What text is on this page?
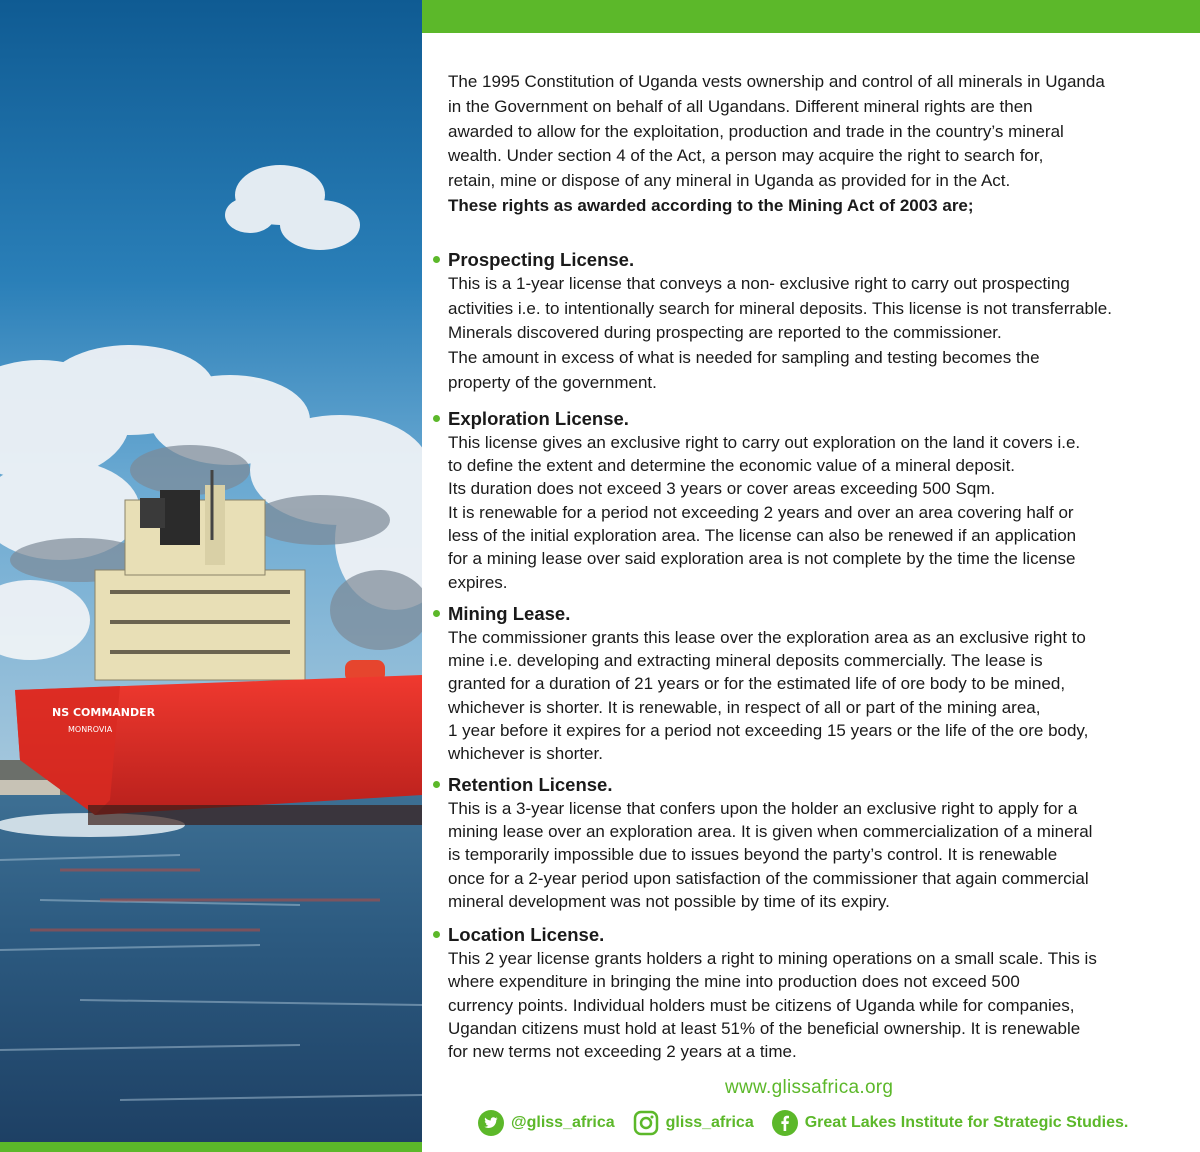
NS COMMANDER
MONROVIA

The 1995 Constitution of Uganda vests ownership and control of all minerals in Uganda

in the Government on behalf of all Ugandans. Different mineral rights are then

awarded to allow for the exploitation, production and trade in the country’s mineral

wealth. Under section 4 of the Act, a person may acquire the right to search for,

retain, mine or dispose of any mineral in Uganda as provided for in the Act.

These rights as awarded according to the Mining Act of 2003 are;

Prospecting License.
This is a 1-year license that conveys a non- exclusive right to carry out prospecting
activities i.e. to intentionally search for mineral deposits. This license is not transferrable.
Minerals discovered during prospecting are reported to the commissioner.
The amount in excess of what is needed for sampling and testing becomes the
property of the government.
Exploration License.
This license gives an exclusive right to carry out exploration on the land it covers i.e.
to define the extent and determine the economic value of a mineral deposit.
Its duration does not exceed 3 years or cover areas exceeding 500 Sqm.
It is renewable for a period not exceeding 2 years and over an area covering half or
less of the initial exploration area. The license can also be renewed if an application
for a mining lease over said exploration area is not complete by the time the license
expires.
Mining Lease.
The commissioner grants this lease over the exploration area as an exclusive right to
mine i.e. developing and extracting mineral deposits commercially. The lease is
granted for a duration of 21 years or for the estimated life of ore body to be mined,
whichever is shorter. It is renewable, in respect of all or part of the mining area,
1 year before it expires for a period not exceeding 15 years or the life of the ore body,
whichever is shorter.
Retention License.
This is a 3-year license that confers upon the holder an exclusive right to apply for a
mining lease over an exploration area. It is given when commercialization of a mineral
is temporarily impossible due to issues beyond the party’s control. It is renewable
once for a 2-year period upon satisfaction of the commissioner that again commercial
mineral development was not possible by time of its expiry.
Location License.
This 2 year license grants holders a right to mining operations on a small scale. This is
where expenditure in bringing the mine into production does not exceed 500
currency points. Individual holders must be citizens of Uganda while for companies,
Ugandan citizens must hold at least 51% of the beneficial ownership. It is renewable
for new terms not exceeding 2 years at a time.
www.glissafrica.org
@gliss_africa	gliss_africa	Great Lakes Institute for Strategic Studies.
